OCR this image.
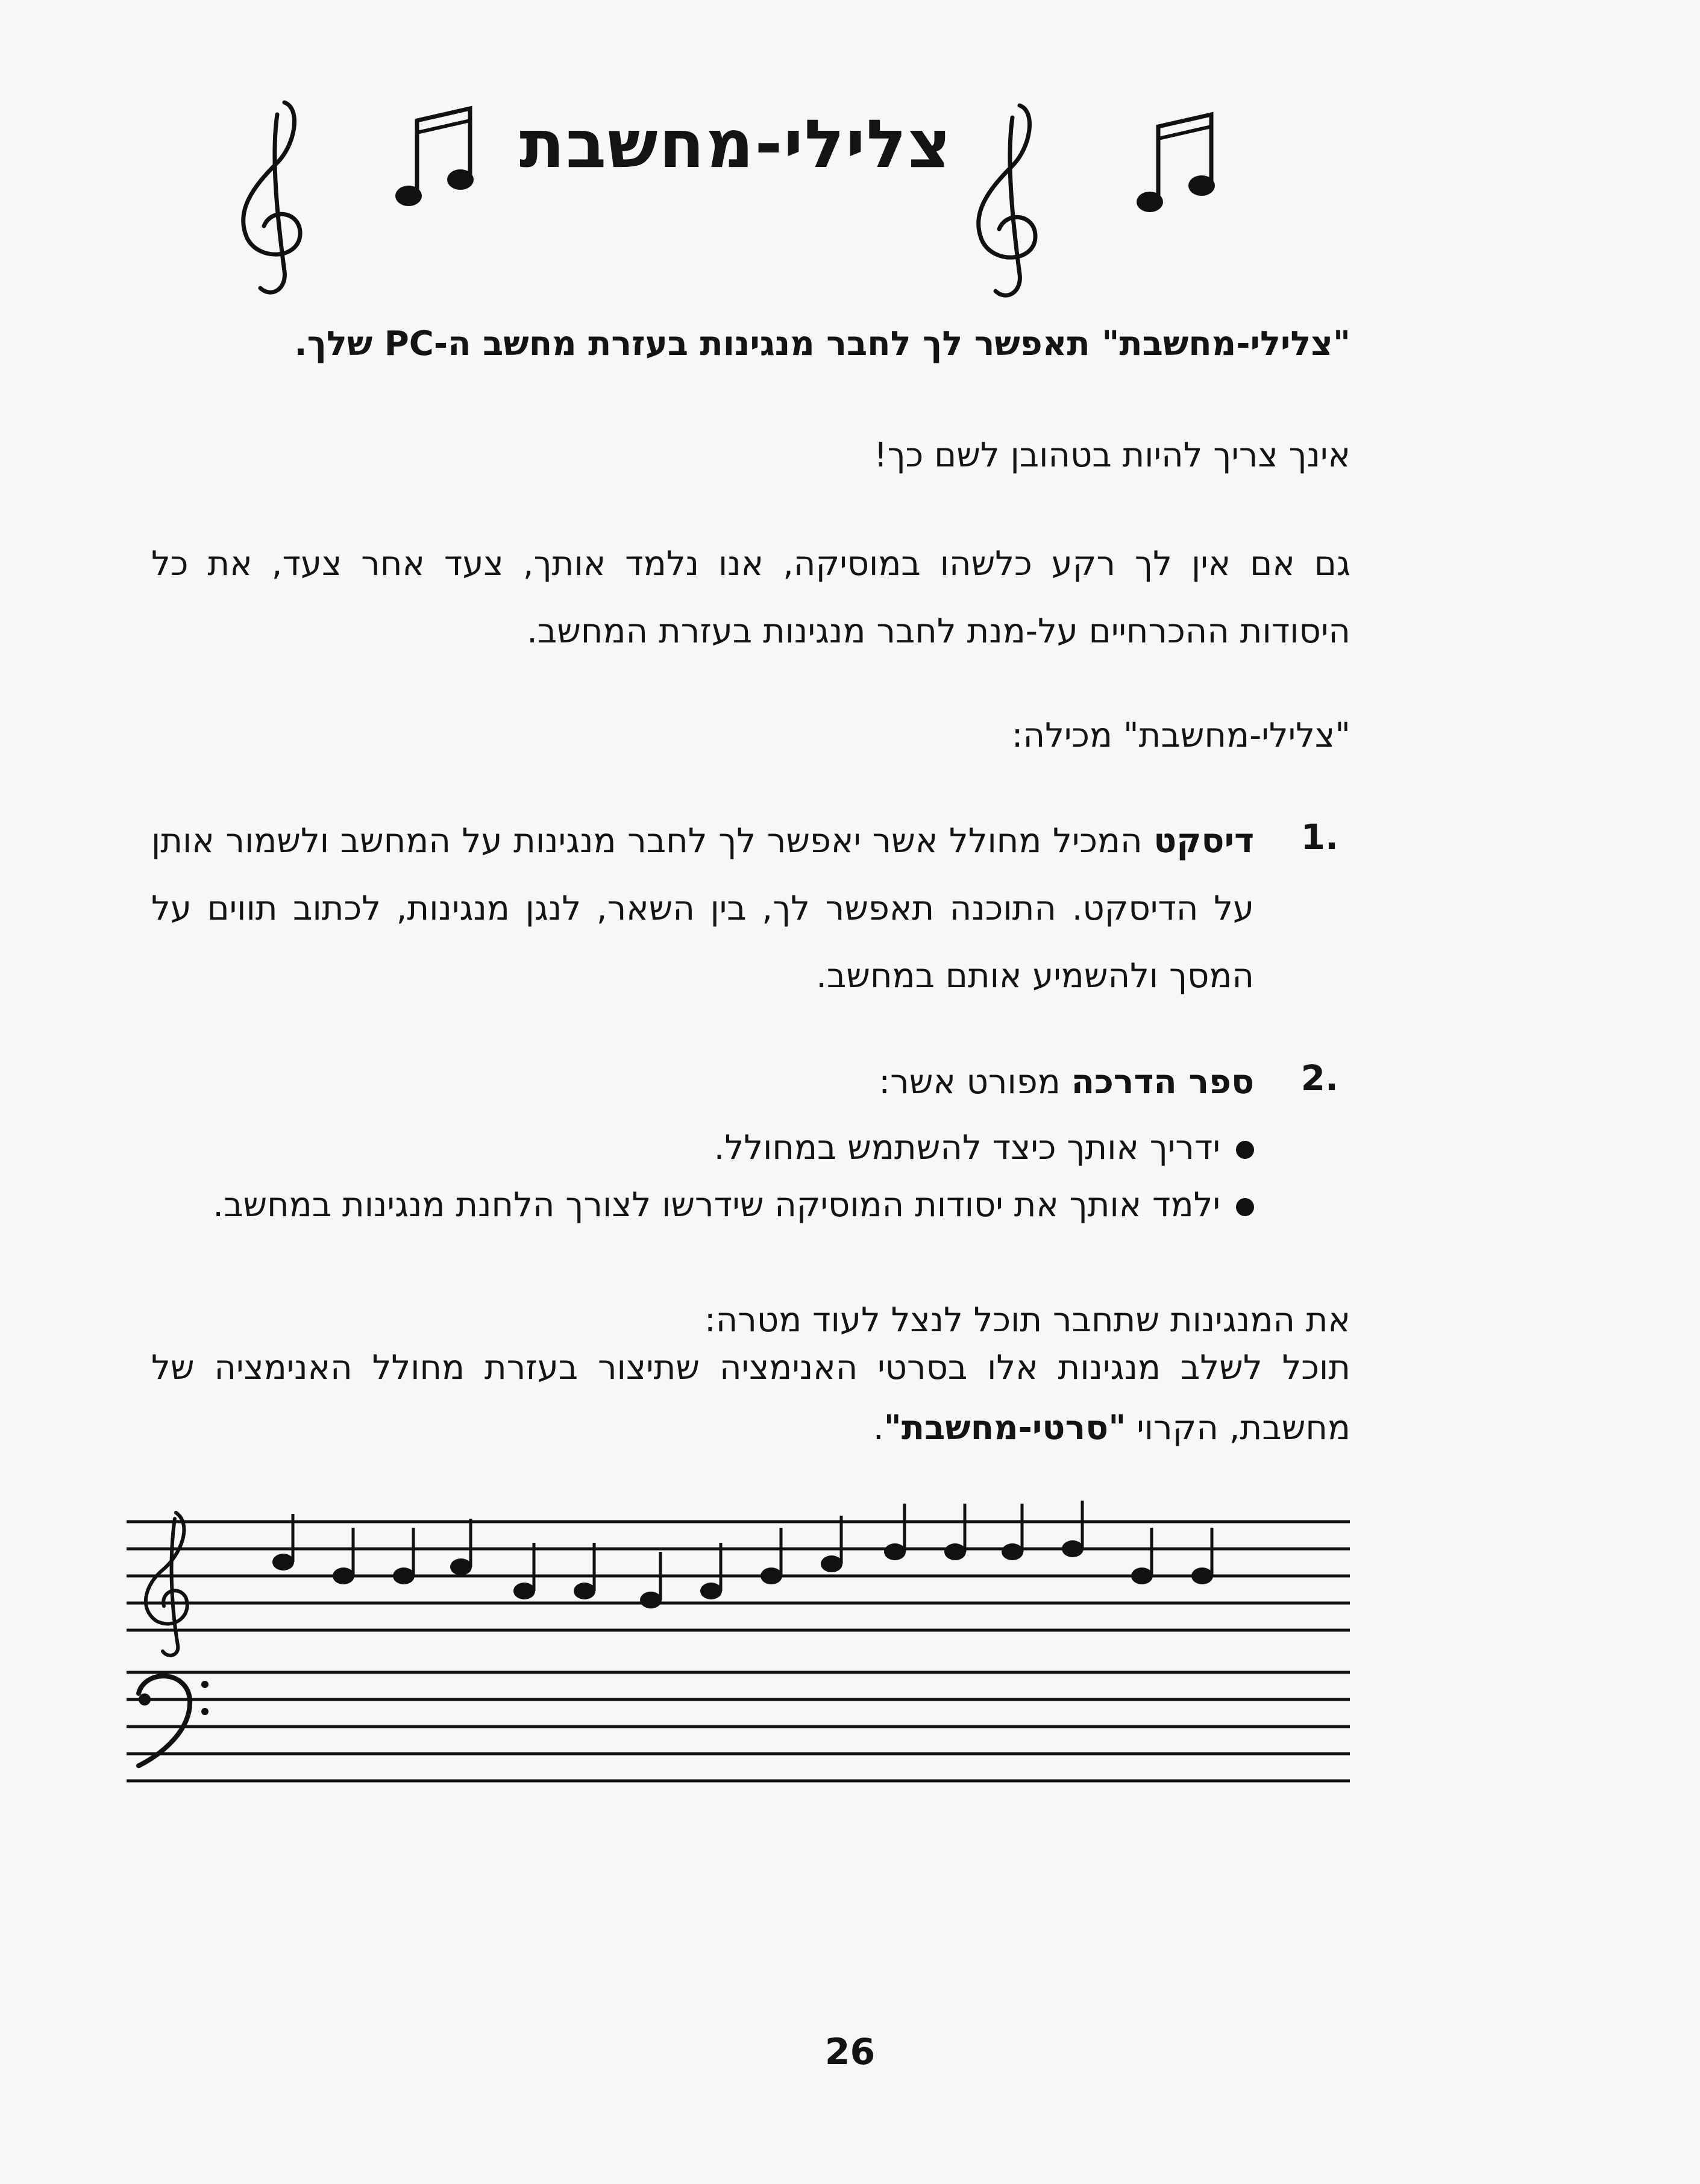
צלילי-מחשבת
"צלילי-מחשבת" תאפשר לך לחבר מנגינות בעזרת מחשב ה-PC שלך.
אינך צריך להיות בטהובן לשם כך!
גם אם אין לך רקע כלשהו במוסיקה, אנו נלמד אותך, צעד אחר צעד, את כל היסודות ההכרחיים על-מנת לחבר מנגינות בעזרת המחשב.
"צלילי-מחשבת" מכילה:
1.
דיסקט המכיל מחולל אשר יאפשר לך לחבר מנגינות על המחשב ולשמור אותן על הדיסקט. התוכנה תאפשר לך, בין השאר, לנגן מנגינות, לכתוב תווים על המסך ולהשמיע אותם במחשב.
2.
ספר הדרכה מפורט אשר:
ידריך אותך כיצד להשתמש במחולל.
ילמד אותך את יסודות המוסיקה שידרשו לצורך הלחנת מנגינות במחשב.
את המנגינות שתחבר תוכל לנצל לעוד מטרה:
תוכל לשלב מנגינות אלו בסרטי האנימציה שתיצור בעזרת מחולל האנימציה של מחשבת, הקרוי "סרטי-מחשבת".
26
